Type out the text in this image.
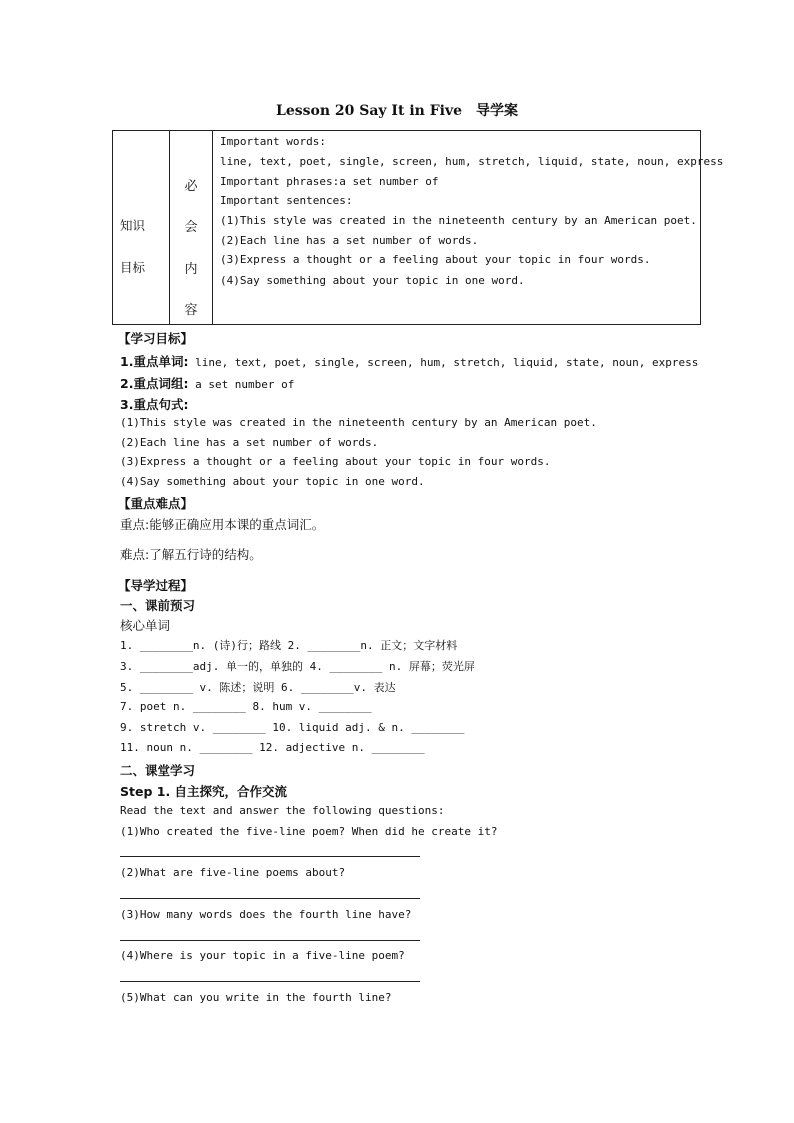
Lesson 20 Say It in Five　导学案
知识
目标
必
会
内
容
Important words:
line, text, poet, single, screen, hum, stretch, liquid, state, noun, express
Important phrases:a set number of
Important sentences:
(1)This style was created in the nineteenth century by an American poet.
(2)Each line has a set number of words.
(3)Express a thought or a feeling about your topic in four words.
(4)Say something about your topic in one word.
【学习目标】
1.重点单词: line, text, poet, single, screen, hum, stretch, liquid, state, noun, express
2.重点词组: a set number of
3.重点句式:
(1)This style was created in the nineteenth century by an American poet.
(2)Each line has a set number of words.
(3)Express a thought or a feeling about your topic in four words.
(4)Say something about your topic in one word.
【重点难点】
重点:能够正确应用本课的重点词汇。
难点:了解五行诗的结构。
【导学过程】
一、课前预习
核心单词
1. ________n. (诗)行；路线 2. ________n. 正文；文字材料
3. ________adj. 单一的，单独的 4. ________ n. 屏幕；荧光屏
5. ________ v. 陈述；说明 6. ________v. 表达
7. poet n. ________ 8. hum v. ________
9. stretch v. ________ 10. liquid adj. & n. ________
11. noun n. ________ 12. adjective n. ________
二、课堂学习
Step 1. 自主探究，合作交流
Read the text and answer the following questions:
(1)Who created the five-line poem? When did he create it?
(2)What are five-line poems about?
(3)How many words does the fourth line have?
(4)Where is your topic in a five-line poem?
(5)What can you write in the fourth line?
